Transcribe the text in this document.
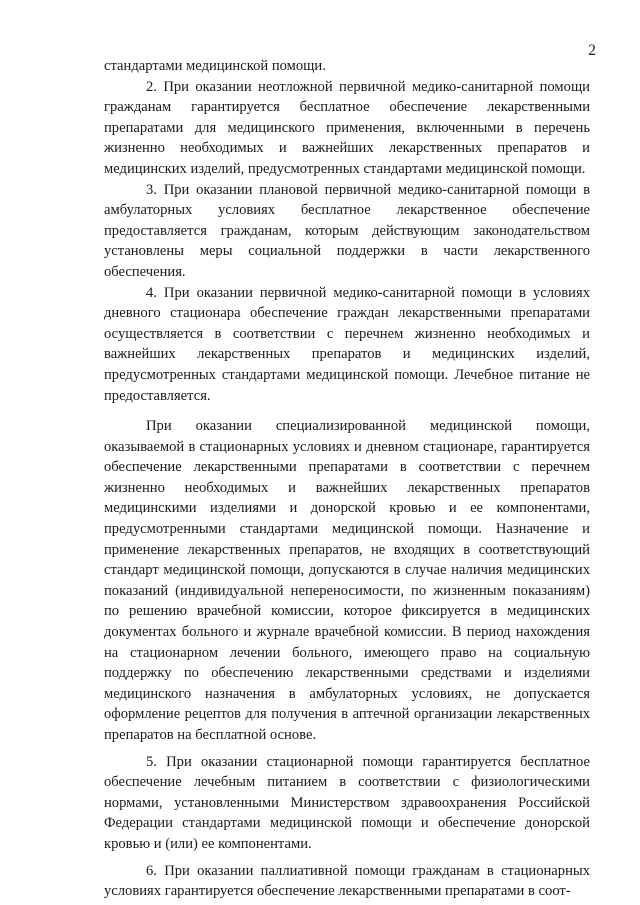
2

стандартами медицинской помощи.

2. При оказании неотложной первичной медико-санитарной помощи гражданам гарантируется бесплатное обеспечение лекарственными препаратами для медицинского применения, включенными в перечень жизненно необходимых и важнейших лекарственных препаратов и медицинских изделий, предусмотренных стандартами медицинской помощи.

3. При оказании плановой первичной медико-санитарной помощи в амбулаторных условиях бесплатное лекарственное обеспечение предоставляется гражданам, которым действующим законодательством установлены меры социальной поддержки в части лекарственного обеспечения.

4. При оказании первичной медико-санитарной помощи в условиях дневного стационара обеспечение граждан лекарственными препаратами осуществляется в соответствии с перечнем жизненно необходимых и важнейших лекарственных препаратов и медицинских изделий, предусмотренных стандартами медицинской помощи. Лечебное питание не предоставляется.

При оказании специализированной медицинской помощи, оказываемой в стационарных условиях и дневном стационаре, гарантируется обеспечение лекарственными препаратами в соответствии с перечнем жизненно необходимых и важнейших лекарственных препаратов медицинскими изделиями и донорской кровью и ее компонентами, предусмотренными стандартами медицинской помощи. Назначение и применение лекарственных препаратов, не входящих в соответствующий стандарт медицинской помощи, допускаются в случае наличия медицинских показаний (индивидуальной непереносимости, по жизненным показаниям) по решению врачебной комиссии, которое фиксируется в медицинских документах больного и журнале врачебной комиссии. В период нахождения на стационарном лечении больного, имеющего право на социальную поддержку по обеспечению лекарственными средствами и изделиями медицинского назначения в амбулаторных условиях, не допускается оформление рецептов для получения в аптечной организации лекарственных препаратов на бесплатной основе.

5. При оказании стационарной помощи гарантируется бесплатное обеспечение лечебным питанием в соответствии с физиологическими нормами, установленными Министерством здравоохранения Российской Федерации стандартами медицинской помощи и обеспечение донорской кровью и (или) ее компонентами.

6. При оказании паллиативной помощи гражданам в стационарных условиях гарантируется обеспечение лекарственными препаратами в соот-
